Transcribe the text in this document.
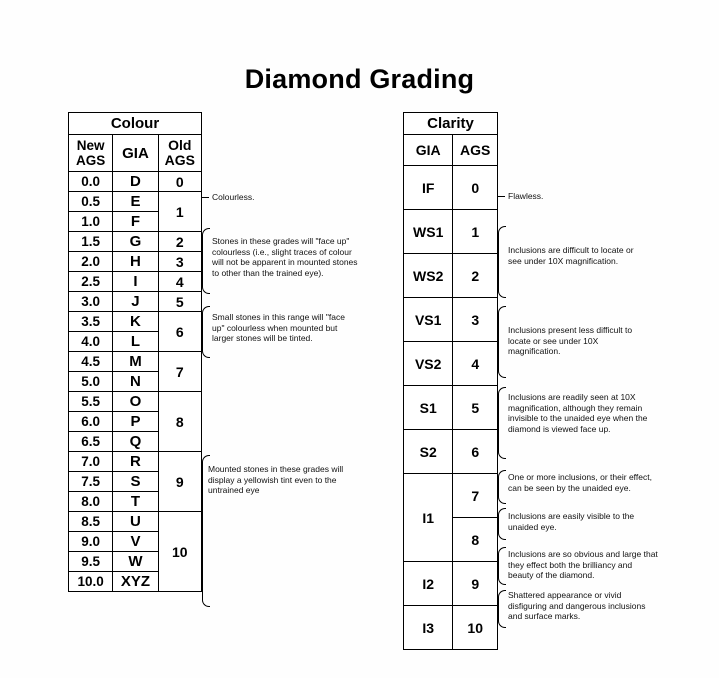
Diamond Grading
Colour		
New AGS	GIA	Old AGS
0.0	D	0
0.5	E	1
1.0	F	
1.5	G	2
2.0	H	3
2.5	I	4
3.0	J	5
3.5	K	6
4.0	L	
4.5	M	7
5.0	N	
5.5	O	8
6.0	P	
6.5	Q	
7.0	R	9
7.5	S	
8.0	T	
8.5	U	10
9.0	V	
9.5	W	
10.0	XYZ	
Colourless.
Stones in these grades will "face up" colourless (i.e., slight traces of colour will not be apparent in mounted stones to other than the trained eye).
Small stones in this range will "face up" colourless when mounted but larger stones will be tinted.
Mounted stones in these grades will display a yellowish tint even to the untrained eye
Clarity	
GIA	AGS
IF	0
WS1	1
WS2	2
VS1	3
VS2	4
S1	5
S2	6
I1	7
	8
I2	9
I3	10
Flawless.
Inclusions are difficult to locate or see under 10X magnification.
Inclusions present less difficult to locate or see under 10X magnification.
Inclusions are readily seen at 10X magnification, although they remain invisible to the unaided eye when the diamond is viewed face up.
One or more inclusions, or their effect, can be seen by the unaided eye.
Inclusions are easily visible to the unaided eye.
Inclusions are so obvious and large that they effect both the brilliancy and beauty of the diamond.
Shattered appearance or vivid disfiguring and dangerous inclusions and surface marks.
